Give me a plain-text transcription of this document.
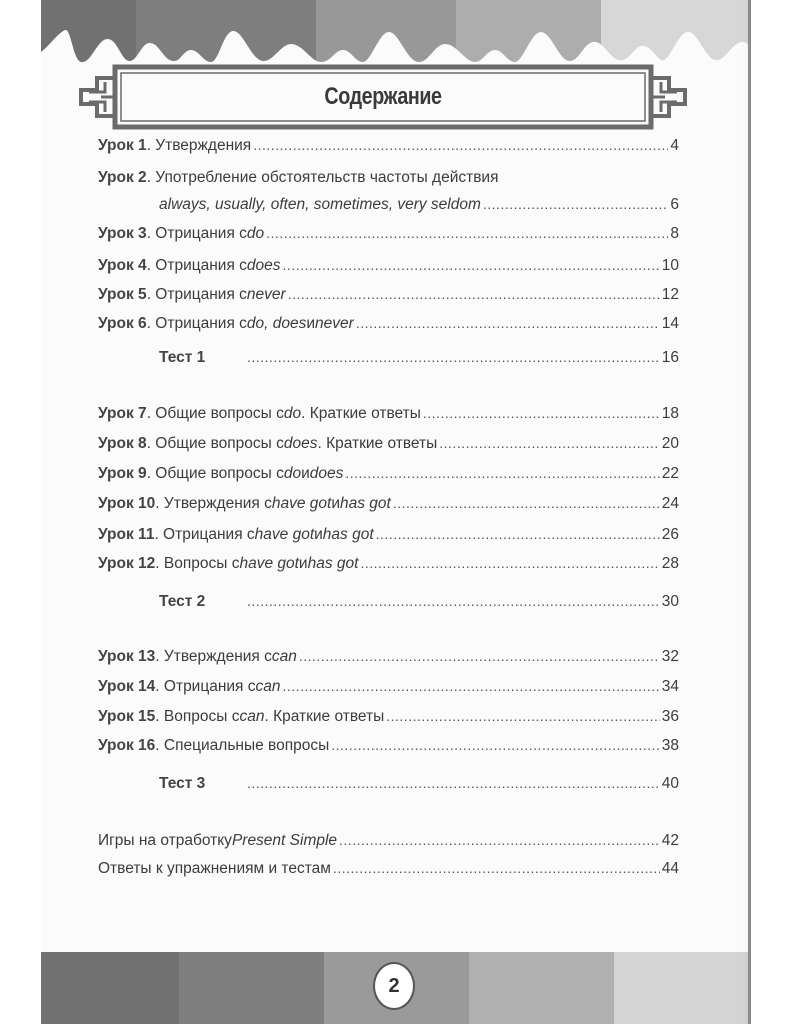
Содержание
Урок 1 . Утверждения .....	4
Урок 2 . Употребление обстоятельств частоты действия
always, usually, often, sometimes, very seldom .....	6
Урок 3 . Отрицания с do .....	8
Урок 4 . Отрицания с does .....	10
Урок 5 . Отрицания с never .....	12
Урок 6 . Отрицания с do, does и never .....	14
Тест 1 .....	16
Урок 7 . Общие вопросы с do . Краткие ответы .....	18
Урок 8 . Общие вопросы с does . Краткие ответы .....	20
Урок 9 . Общие вопросы с do и does .....	22
Урок 10 . Утверждения с have got и has got .....	24
Урок 11 . Отрицания с have got и has got .....	26
Урок 12 . Вопросы с have got и has got .....	28
Тест 2 .....	30
Урок 13 . Утверждения с can .....	32
Урок 14 . Отрицания с can .....	34
Урок 15 . Вопросы с can . Краткие ответы .....	36
Урок 16 . Специальные вопросы .....	38
Тест 3 .....	40
Игры на отработку Present Simple .....	42
Ответы к упражнениям и тестам .....	44
2
